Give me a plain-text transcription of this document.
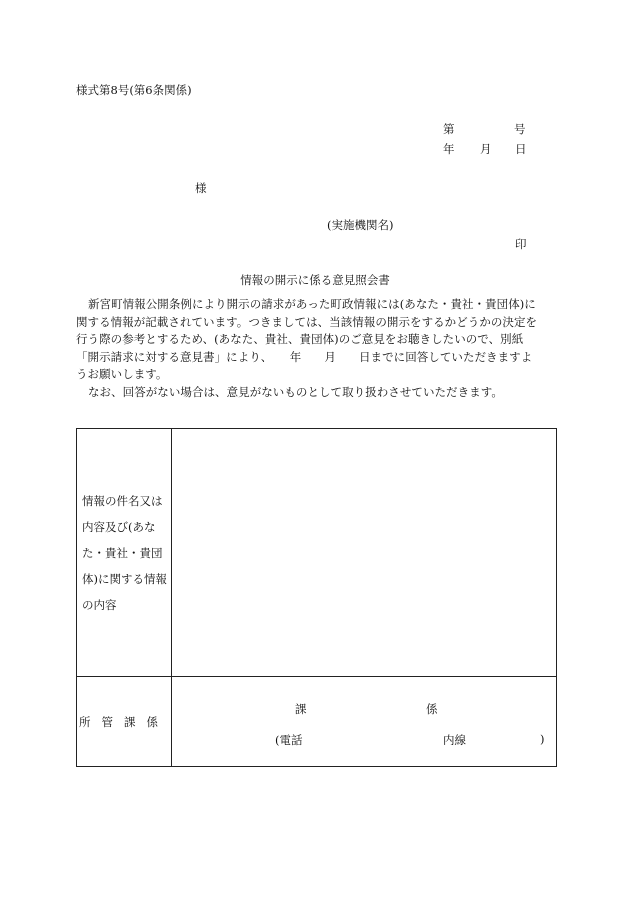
様式第8号(第6条関係)
第	号
年 月 日
様
(実施機関名)
印
情報の開示に係る意見照会書

新宮町情報公開条例により開示の請求があった町政情報には(あなた・貴社・貴団体)に

関する情報が記載されています。つきましては、当該情報の開示をするかどうかの決定を

行う際の参考とするため、(あなた、貴社、貴団体)のご意見をお聴きしたいので、別紙

「開示請求に対する意見書」により、　　年　　月　　日までに回答していただきますよ

うお願いします。

なお、回答がない場合は、意見がないものとして取り扱わさせていただきます。

情報の件名又は内容及び(あなた・貴社・貴団体)に関する情報の内容	

所管課係	課 係
(電話 内線 )
